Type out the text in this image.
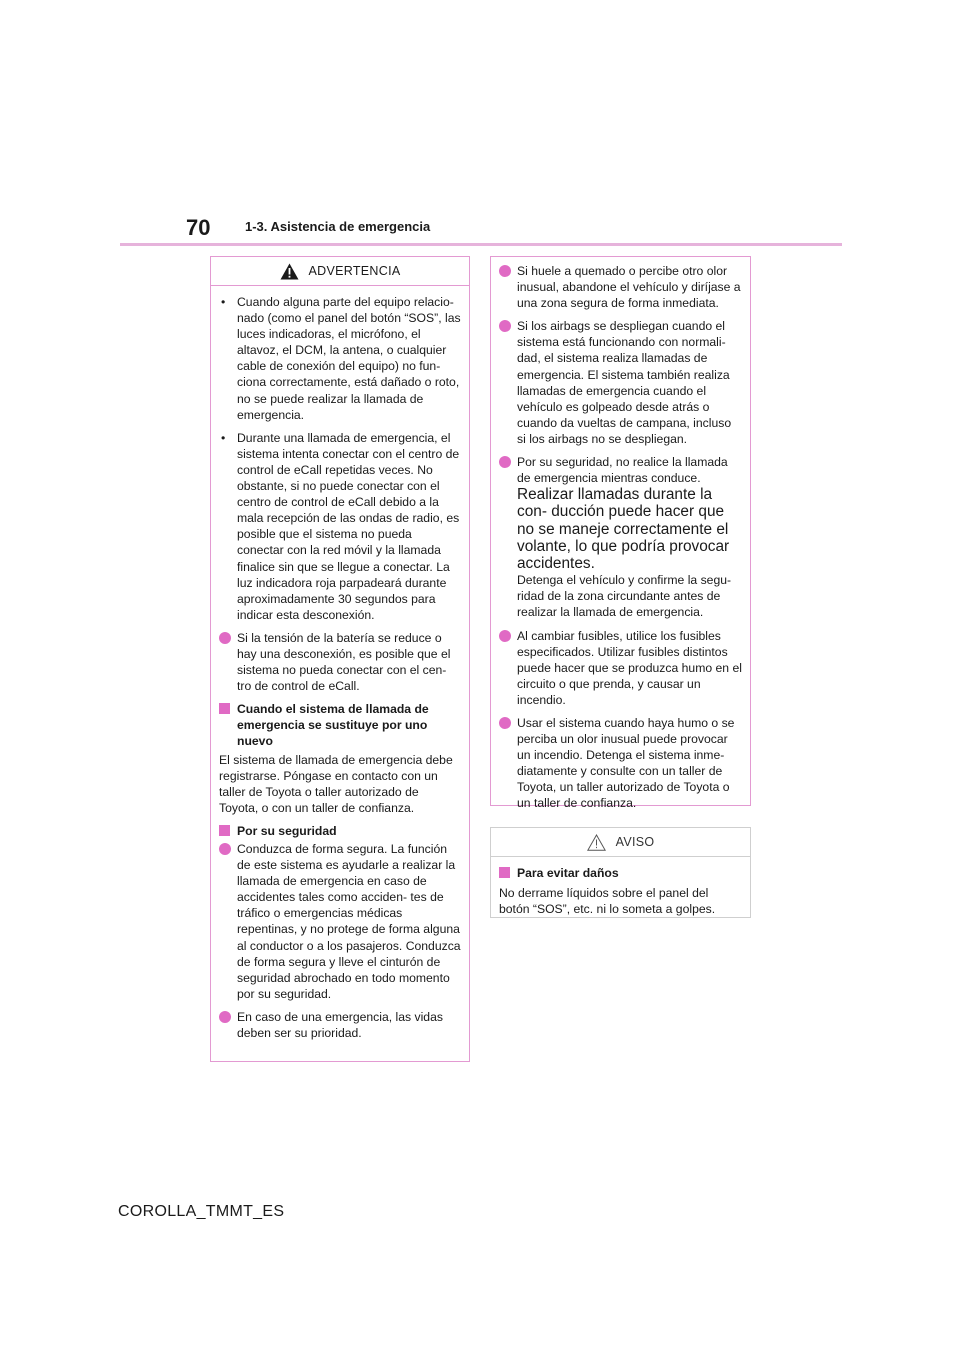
70	1-3. Asistencia de emergencia
ADVERTENCIA
• Cuando alguna parte del equipo relacio- nado (como el panel del botón “SOS”, las luces indicadoras, el micrófono, el altavoz, el DCM, la antena, o cualquier cable de conexión del equipo) no fun- ciona correctamente, está dañado o roto, no se puede realizar la llamada de emergencia.
• Durante una llamada de emergencia, el sistema intenta conectar con el centro de control de eCall repetidas veces. No obstante, si no puede conectar con el centro de control de eCall debido a la mala recepción de las ondas de radio, es posible que el sistema no pueda conectar con la red móvil y la llamada finalice sin que se llegue a conectar. La luz indicadora roja parpadeará durante aproximadamente 30 segundos para indicar esta desconexión.
Si la tensión de la batería se reduce o hay una desconexión, es posible que el sistema no pueda conectar con el cen- tro de control de eCall.
Cuando el sistema de llamada de emergencia se sustituye por uno nuevo
El sistema de llamada de emergencia debe registrarse. Póngase en contacto con un taller de Toyota o taller autorizado de Toyota, o con un taller de confianza.
Por su seguridad
Conduzca de forma segura. La función de este sistema es ayudarle a realizar la llamada de emergencia en caso de accidentes tales como acciden- tes de tráfico o emergencias médicas repentinas, y no protege de forma alguna al conductor o a los pasajeros. Conduzca de forma segura y lleve el cinturón de seguridad abrochado en todo momento por su seguridad.
En caso de una emergencia, las vidas deben ser su prioridad.
Si huele a quemado o percibe otro olor inusual, abandone el vehículo y diríjase a una zona segura de forma inmediata.
Si los airbags se despliegan cuando el sistema está funcionando con normali- dad, el sistema realiza llamadas de emergencia. El sistema también realiza llamadas de emergencia cuando el vehículo es golpeado desde atrás o cuando da vueltas de campana, incluso si los airbags no se despliegan.
Por su seguridad, no realice la llamada de emergencia mientras conduce.
Realizar llamadas durante la con- ducción puede hacer que no se maneje correctamente el volante, lo que podría provocar accidentes.
Detenga el vehículo y confirme la segu- ridad de la zona circundante antes de realizar la llamada de emergencia.
Al cambiar fusibles, utilice los fusibles especificados. Utilizar fusibles distintos puede hacer que se produzca humo en el circuito o que prenda, y causar un incendio.
Usar el sistema cuando haya humo o se perciba un olor inusual puede provocar un incendio. Detenga el sistema inme- diatamente y consulte con un taller de Toyota, un taller autorizado de Toyota o un taller de confianza.
AVISO
Para evitar daños
No derrame líquidos sobre el panel del botón “SOS”, etc. ni lo someta a golpes.
COROLLA_TMMT_ES
